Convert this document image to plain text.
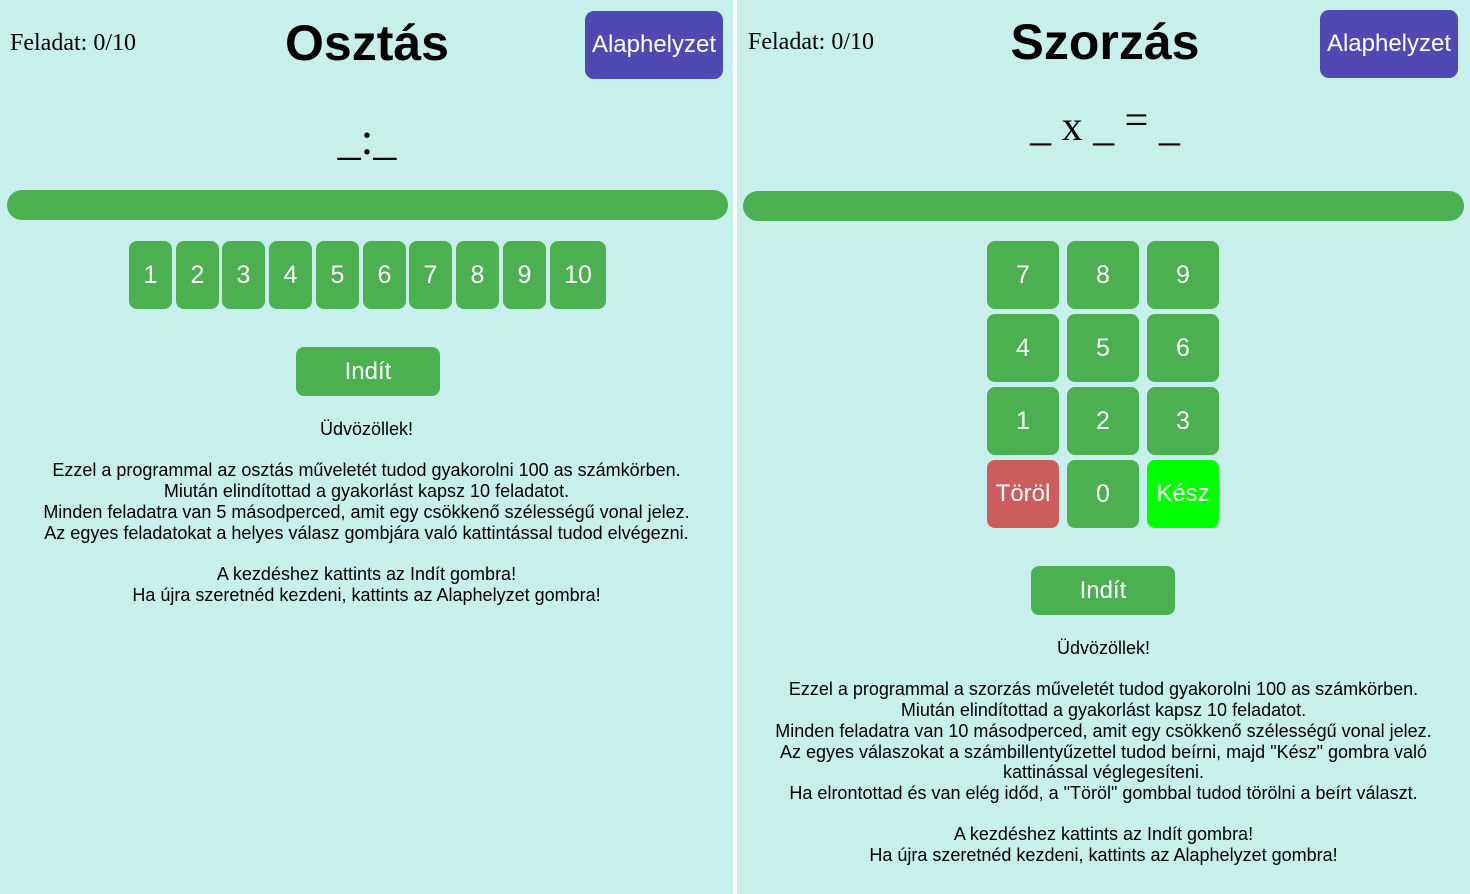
Feladat: 0/10	Osztás	Alaphelyzet
_:_
1	2	3	4	5	6	7	8	9	10
Indít

Üdvözöllek!

Ezzel a programmal az osztás műveletét tudod gyakorolni 100 as számkörben.

Miután elindítottad a gyakorlást kapsz 10 feladatot.

Minden feladatra van 5 másodperced, amit egy csökkenő szélességű vonal jelez.

Az egyes feladatokat a helyes válasz gombjára való kattintással tudod elvégezni.

A kezdéshez kattints az Indít gombra!

Ha újra szeretnéd kezdeni, kattints az Alaphelyzet gombra!

Feladat: 0/10	Szorzás	Alaphelyzet
_ x _ = _
7	8	9
4	5	6
1	2	3
Töröl	0	Kész
Indít

Üdvözöllek!

Ezzel a programmal a szorzás műveletét tudod gyakorolni 100 as számkörben.

Miután elindítottad a gyakorlást kapsz 10 feladatot.

Minden feladatra van 10 másodperced, amit egy csökkenő szélességű vonal jelez.

Az egyes válaszokat a számbillentyűzettel tudod beírni, majd "Kész" gombra való

kattinással véglegesíteni.

Ha elrontottad és van elég időd, a "Töröl" gombbal tudod törölni a beírt választ.

A kezdéshez kattints az Indít gombra!

Ha újra szeretnéd kezdeni, kattints az Alaphelyzet gombra!
